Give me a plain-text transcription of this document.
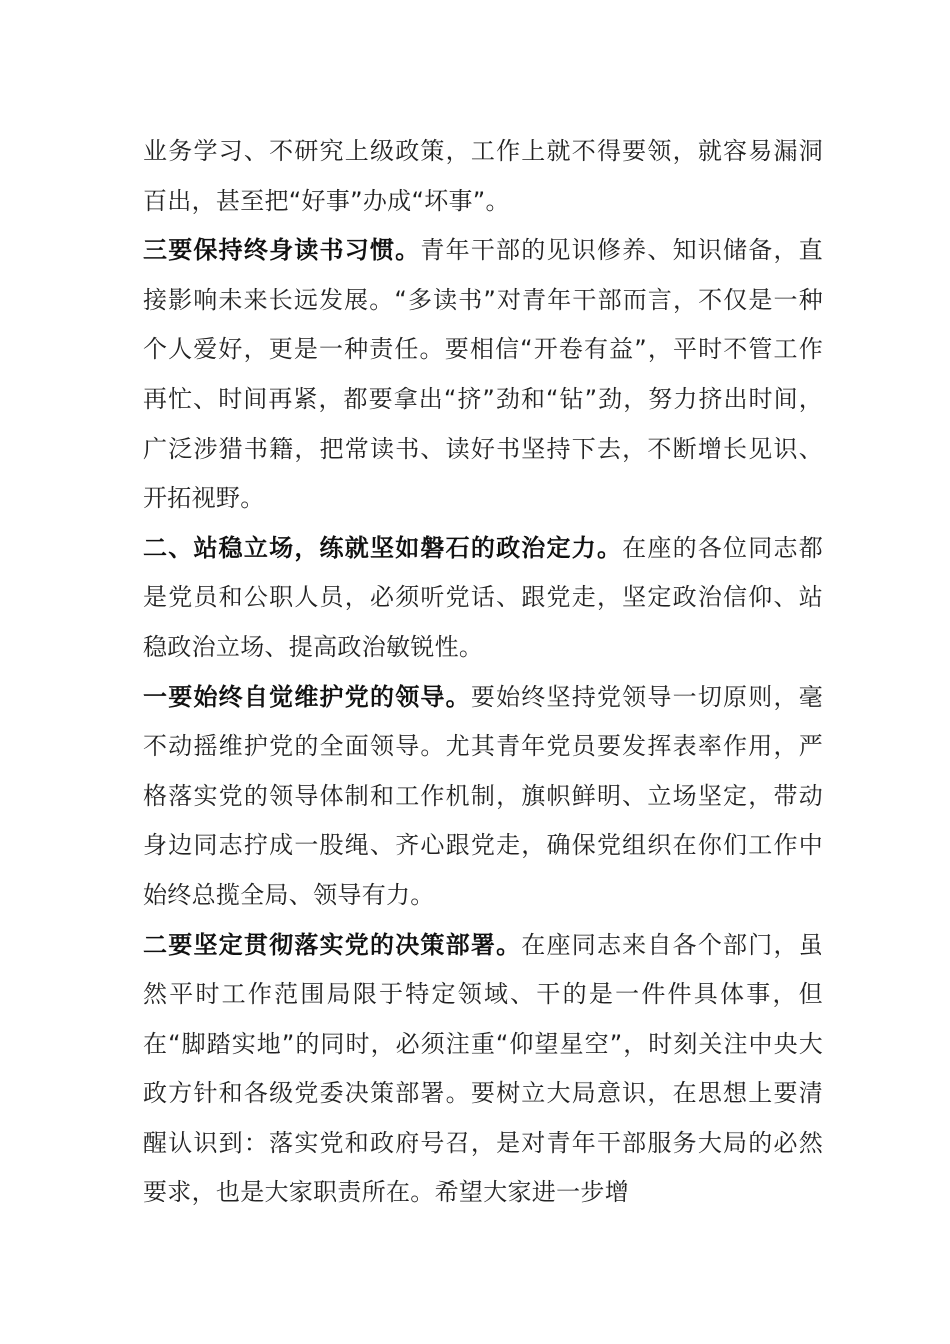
业务学习、不研究上级政策，工作上就不得要领，就容易漏洞百出，甚至把“好事”办成“坏事”。

三要保持终身读书习惯。青年干部的见识修养、知识储备，直接影响未来长远发展。“多读书”对青年干部而言，不仅是一种个人爱好，更是一种责任。要相信“开卷有益”，平时不管工作再忙、时间再紧，都要拿出“挤”劲和“钻”劲，努力挤出时间，广泛涉猎书籍，把常读书、读好书坚持下去，不断增长见识、开拓视野。

二、站稳立场，练就坚如磐石的政治定力。在座的各位同志都是党员和公职人员，必须听党话、跟党走，坚定政治信仰、站稳政治立场、提高政治敏锐性。

一要始终自觉维护党的领导。要始终坚持党领导一切原则，毫不动摇维护党的全面领导。尤其青年党员要发挥表率作用，严格落实党的领导体制和工作机制，旗帜鲜明、立场坚定，带动身边同志拧成一股绳、齐心跟党走，确保党组织在你们工作中始终总揽全局、领导有力。

二要坚定贯彻落实党的决策部署。在座同志来自各个部门，虽然平时工作范围局限于特定领域、干的是一件件具体事，但在“脚踏实地”的同时，必须注重“仰望星空”，时刻关注中央大政方针和各级党委决策部署。要树立大局意识，在思想上要清醒认识到：落实党和政府号召，是对青年干部服务大局的必然要求，也是大家职责所在。希望大家进一步增
